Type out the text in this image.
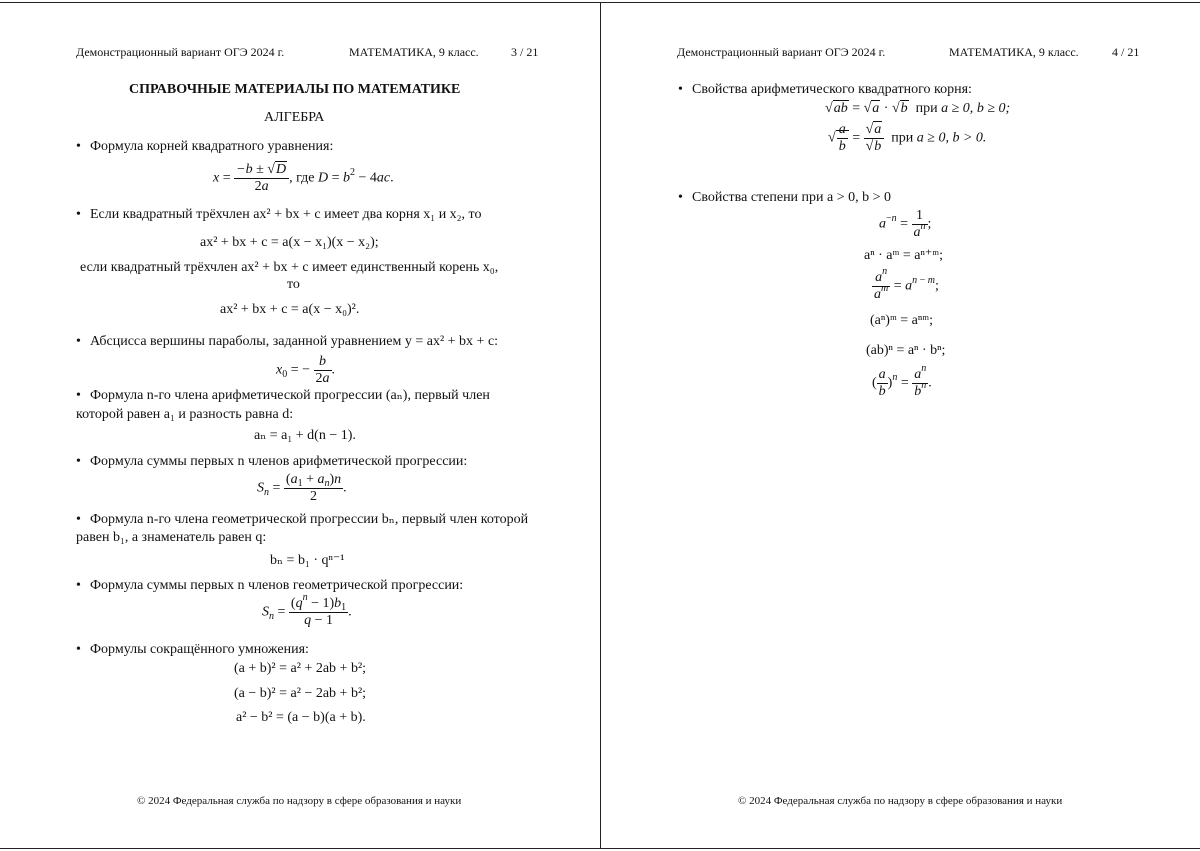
Демонстрационный вариант ОГЭ 2024 г.	МАТЕМАТИКА, 9 класс.	3 / 21
СПРАВОЧНЫЕ МАТЕРИАЛЫ ПО МАТЕМАТИКЕ
АЛГЕБРА
• Формула корней квадратного уравнения:
$x = \frac{-b \pm √D}{2a}$ , где $D = b^2 - 4ac$.
• Если квадратный трёхчлен ax² + bx + c имеет два корня x₁ и x₂, то
ax² + bx + c = a(x − x₁)(x − x₂);
если квадратный трёхчлен ax² + bx + c имеет единственный корень x₀,
то
ax² + bx + c = a(x − x₀)².
• Абсцисса вершины параболы, заданной уравнением y = ax² + bx + c:
$x_0$ = − $\frac{b}{2a}$ .
• Формула n-го члена арифметической прогрессии (aₙ), первый член
которой равен a₁ и разность равна d:
aₙ = a₁ + d(n − 1).
• Формула суммы первых n членов арифметической прогрессии:
$S_n = \frac{(a_1 + a_n)n}{2}$ .
• Формула n-го члена геометрической прогрессии bₙ, первый член которой
равен b₁, а знаменатель равен q:
bₙ = b₁ · qⁿ⁻¹
• Формула суммы первых n членов геометрической прогрессии:
$S_n = \frac{(q^n - 1)b_1}{q - 1}$ .
• Формулы сокращённого умножения:
(a + b)² = a² + 2ab + b²;
(a − b)² = a² − 2ab + b²;
a² − b² = (a − b)(a + b).
© 2024 Федеральная служба по надзору в сфере образования и науки
Демонстрационный вариант ОГЭ 2024 г.	МАТЕМАТИКА, 9 класс.	4 / 21
• Свойства арифметического квадратного корня:
√ab = √a · √b при a ≥ 0, b ≥ 0;
√ $\frac{a}{b} = \frac{√a}{√b}$ при a ≥ 0, b > 0.
• Свойства степени при a > 0, b > 0
$a^{-n} = \frac{1}{a^n}$ ;
aⁿ · aᵐ = aⁿ⁺ᵐ;
$\frac{a^n}{a^m} = a^{n - m}$;
(aⁿ)ᵐ = aⁿᵐ;
(ab)ⁿ = aⁿ · bⁿ;
( $\frac{a}{b} )^n = \frac{a^n}{b^n}$ .
© 2024 Федеральная служба по надзору в сфере образования и науки
